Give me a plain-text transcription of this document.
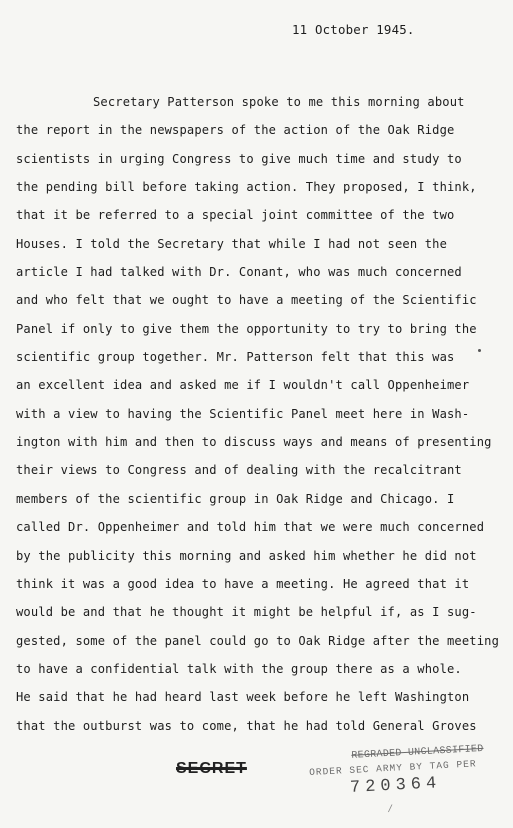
11 October 1945.
Secretary Patterson spoke to me this morning about
the report in the newspapers of the action of the Oak Ridge
scientists in urging Congress to give much time and study to
the pending bill before taking action. They proposed, I think,
that it be referred to a special joint committee of the two
Houses. I told the Secretary that while I had not seen the
article I had talked with Dr. Conant, who was much concerned
and who felt that we ought to have a meeting of the Scientific
Panel if only to give them the opportunity to try to bring the
scientific group together. Mr. Patterson felt that this was
an excellent idea and asked me if I wouldn't call Oppenheimer
with a view to having the Scientific Panel meet here in Wash-
ington with him and then to discuss ways and means of presenting
their views to Congress and of dealing with the recalcitrant
members of the scientific group in Oak Ridge and Chicago. I
called Dr. Oppenheimer and told him that we were much concerned
by the publicity this morning and asked him whether he did not
think it was a good idea to have a meeting. He agreed that it
would be and that he thought it might be helpful if, as I sug-
gested, some of the panel could go to Oak Ridge after the meeting
to have a confidential talk with the group there as a whole.
He said that he had heard last week before he left Washington
that the outburst was to come, that he had told General Groves
SECRET
REGRADED UNCLASSIFIED
ORDER SEC ARMY BY TAG PER
720364
/
